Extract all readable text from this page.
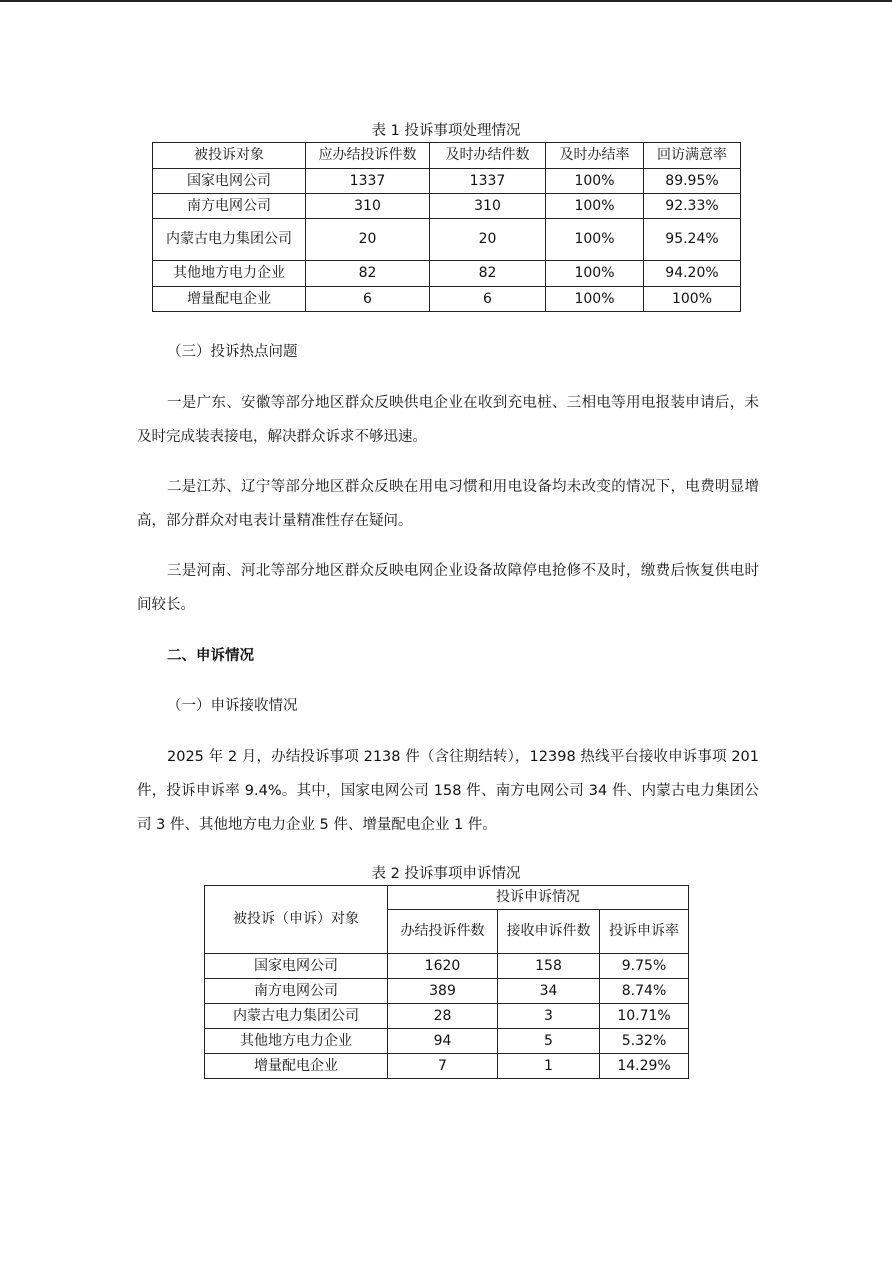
表 1 投诉事项处理情况
被投诉对象	应办结投诉件数	及时办结件数	及时办结率	回访满意率
国家电网公司	1337	1337	100%	89.95%
南方电网公司	310	310	100%	92.33%
内蒙古电力集团公司	20	20	100%	95.24%
其他地方电力企业	82	82	100%	94.20%
增量配电企业	6	6	100%	100%
（三）投诉热点问题
一是广东、安徽等部分地区群众反映供电企业在收到充电桩、三相电等用电报装申请后，未及时完成装表接电，解决群众诉求不够迅速。
二是江苏、辽宁等部分地区群众反映在用电习惯和用电设备均未改变的情况下，电费明显增高，部分群众对电表计量精准性存在疑问。
三是河南、河北等部分地区群众反映电网企业设备故障停电抢修不及时，缴费后恢复供电时间较长。
二、申诉情况
（一）申诉接收情况
2025 年 2 月，办结投诉事项 2138 件（含往期结转），12398 热线平台接收申诉事项 201 件，投诉申诉率 9.4%。其中，国家电网公司 158 件、南方电网公司 34 件、内蒙古电力集团公司 3 件、其他地方电力企业 5 件、增量配电企业 1 件。
表 2 投诉事项申诉情况
被投诉（申诉）对象	投诉申诉情况		
	办结投诉件数	接收申诉件数	投诉申诉率
国家电网公司	1620	158	9.75%
南方电网公司	389	34	8.74%
内蒙古电力集团公司	28	3	10.71%
其他地方电力企业	94	5	5.32%
增量配电企业	7	1	14.29%
